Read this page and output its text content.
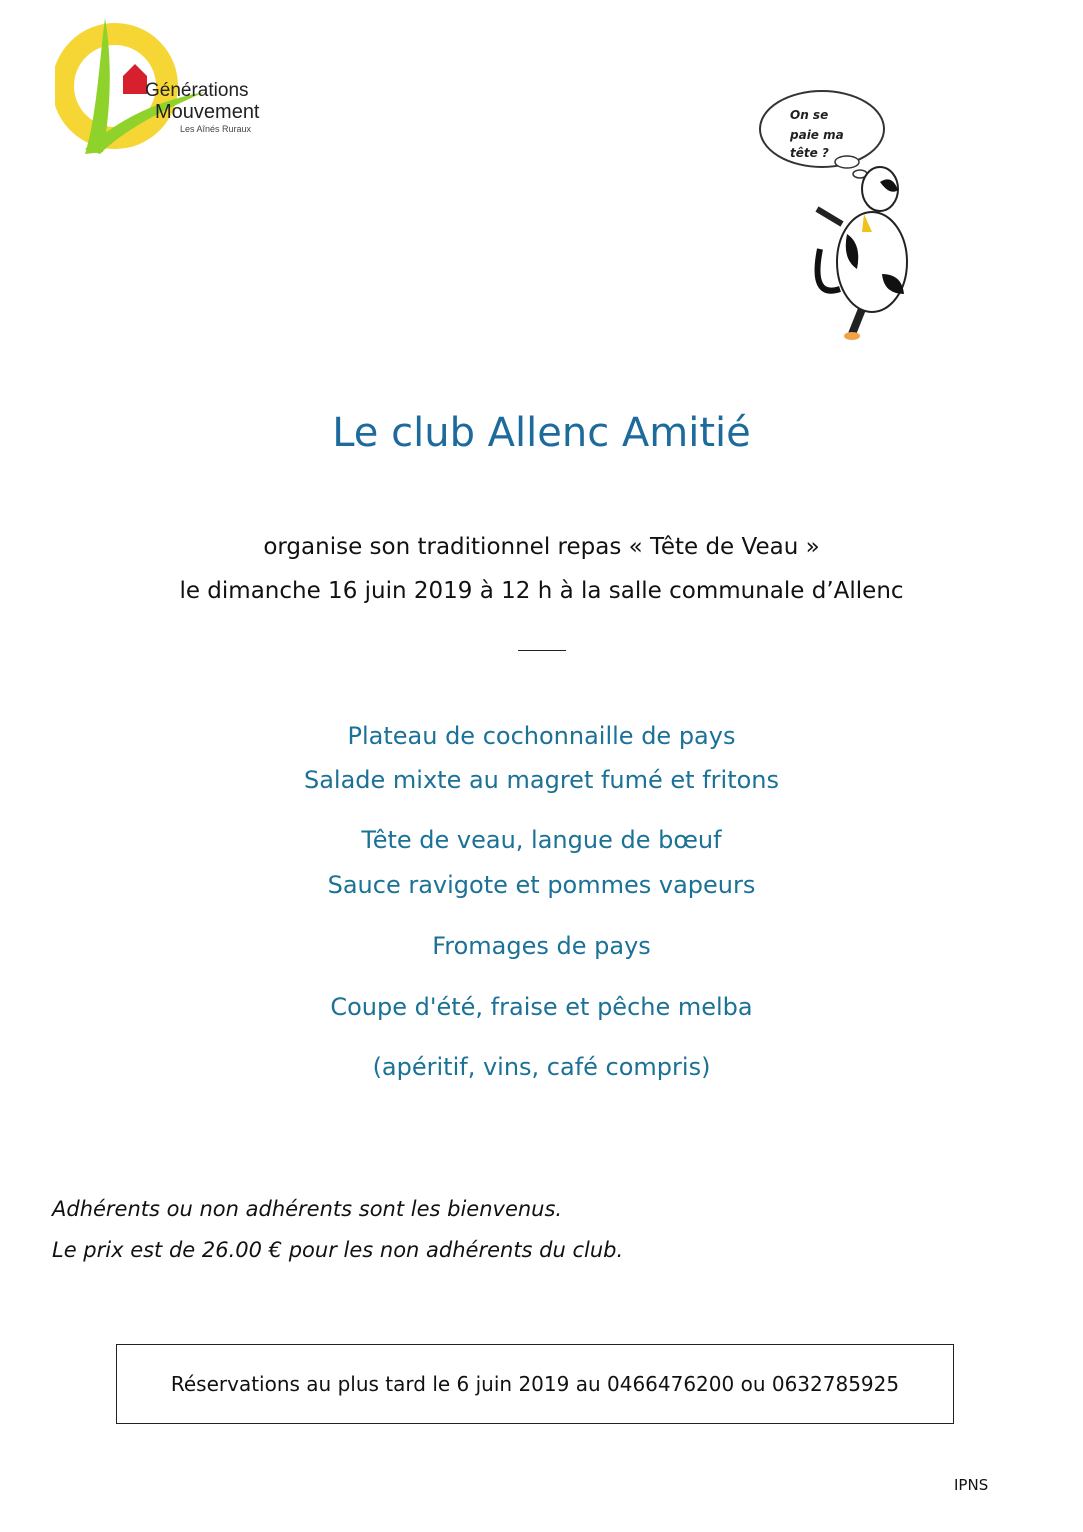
Générations
Mouvement
Les Aînés Ruraux
On se
paie ma
tête ?
Le club Allenc Amitié
organise son traditionnel repas « Tête de Veau »
le dimanche 16 juin 2019 à 12 h à la salle communale d’Allenc
Plateau de cochonnaille de pays
Salade mixte au magret fumé et fritons
Tête de veau, langue de bœuf
Sauce ravigote et pommes vapeurs
Fromages de pays
Coupe d'été, fraise et pêche melba
(apéritif, vins, café compris)
Adhérents ou non adhérents sont les bienvenus.
Le prix est de 26.00 € pour les non adhérents du club.
Réservations au plus tard le 6 juin 2019 au 0466476200 ou 0632785925
IPNS
